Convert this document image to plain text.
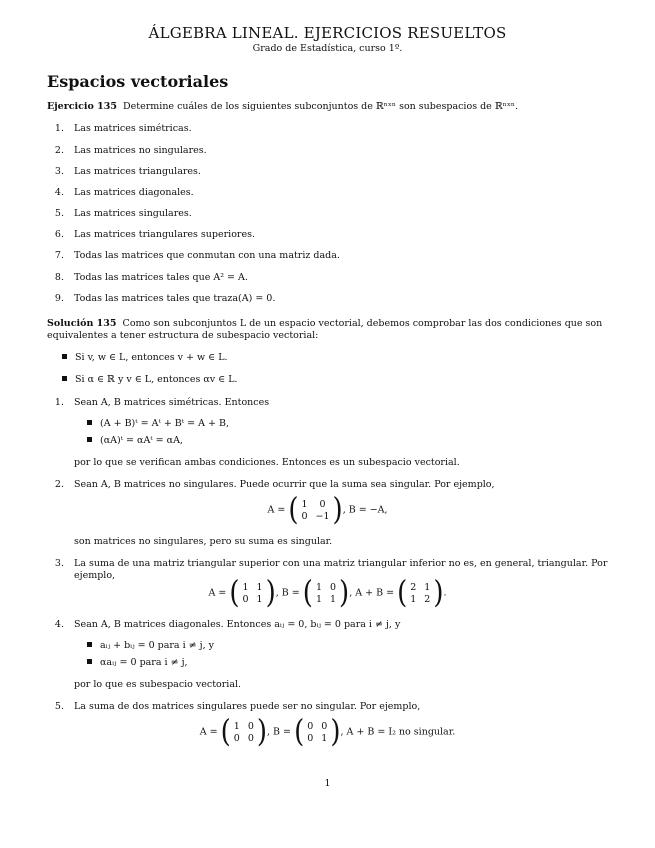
ÁLGEBRA LINEAL. EJERCICIOS RESUELTOS
Grado de Estadística, curso 1º.
Espacios vectoriales
Ejercicio 135 Determine cuáles de los siguientes subconjuntos de ℝⁿˣⁿ son subespacios de ℝⁿˣⁿ.
1. Las matrices simétricas.
2. Las matrices no singulares.
3. Las matrices triangulares.
4. Las matrices diagonales.
5. Las matrices singulares.
6. Las matrices triangulares superiores.
7. Todas las matrices que conmutan con una matriz dada.
8. Todas las matrices tales que A² = A.
9. Todas las matrices tales que traza(A) = 0.
Solución 135 Como son subconjuntos L de un espacio vectorial, debemos comprobar las dos condiciones que son
equivalentes a tener estructura de subespacio vectorial:
Si v, w ∈ L, entonces v + w ∈ L.
Si α ∈ ℝ y v ∈ L, entonces αv ∈ L.
1. Sean A, B matrices simétricas. Entonces
(A + B)ᵗ = Aᵗ + Bᵗ = A + B,
(αA)ᵗ = αAᵗ = αA,
por lo que se verifican ambas condiciones. Entonces es un subespacio vectorial.
2. Sean A, B matrices no singulares. Puede ocurrir que la suma sea singular. Por ejemplo,
A = ( 1	0
0 −1 ) , B = −A,
son matrices no singulares, pero su suma es singular.
3. La suma de una matriz triangular superior con una matriz triangular inferior no es, en general, triangular. Por
ejemplo,
A = ( 1 1
0 1 ) , B = ( 1 0
1 1 ) , A + B = ( 2 1
1 2 ) .
4. Sean A, B matrices diagonales. Entonces aᵢⱼ = 0, bᵢⱼ = 0 para i ≠ j, y
aᵢⱼ + bᵢⱼ = 0 para i ≠ j, y
αaᵢⱼ = 0 para i ≠ j,
por lo que es subespacio vectorial.
5. La suma de dos matrices singulares puede ser no singular. Por ejemplo,
A = ( 1 0
0 0 ) , B = ( 0 0
0 1 ) , A + B = I₂ no singular.
1
